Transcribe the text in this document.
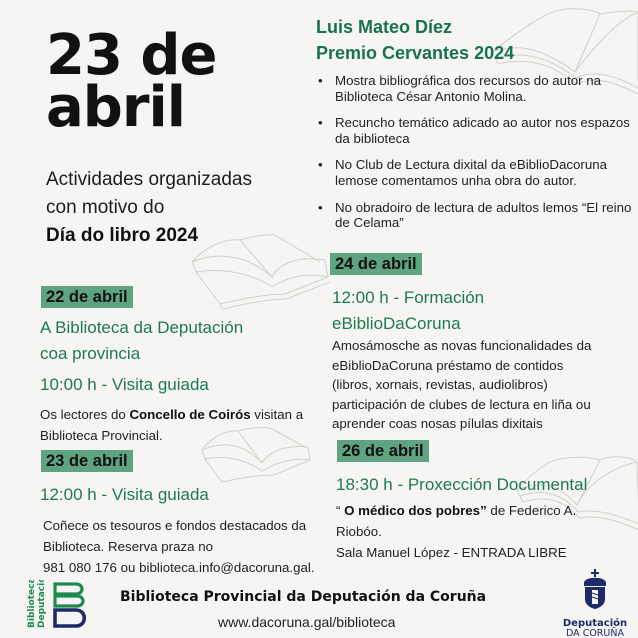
23 de
abril
Actividades organizadas
con motivo do
Día do libro 2024
Luis Mateo Díez
Premio Cervantes 2024
• Mostra bibliográfica dos recursos do autor na Biblioteca César Antonio Molina.
• Recuncho temático adicado ao autor nos espazos da biblioteca
• No Club de Lectura dixital da eBiblioDacoruna lemose comentamos unha obra do autor.
• No obradoiro de lectura de adultos lemos “El reino de Celama”
22 de abril
A Biblioteca da Deputación
coa provincia
10:00 h - Visita guiada
Os lectores do Concello de Coirós visitan a
Biblioteca Provincial.
23 de abril
12:00 h - Visita guiada
Coñece os tesouros e fondos destacados da
Biblioteca. Reserva praza no
981 080 176 ou biblioteca.info@dacoruna.gal.
24 de abril
12:00 h - Formación
eBiblioDaCoruna
Amosámosche as novas funcionalidades da
eBiblioDaCoruna préstamo de contidos
(libros, xornais, revistas, audiolibros)
participación de clubes de lectura en liña ou
aprender coas nosas pílulas dixitais
26 de abril
18:30 h - Proxección Documental
“ O médico dos pobres” de Federico A.
Riobóo.
Sala Manuel López - ENTRADA LIBRE
Biblioteca Deputación	Biblioteca Provincial da Deputación da Coruña
www.dacoruna.gal/biblioteca	Deputación
DA CORUÑA
